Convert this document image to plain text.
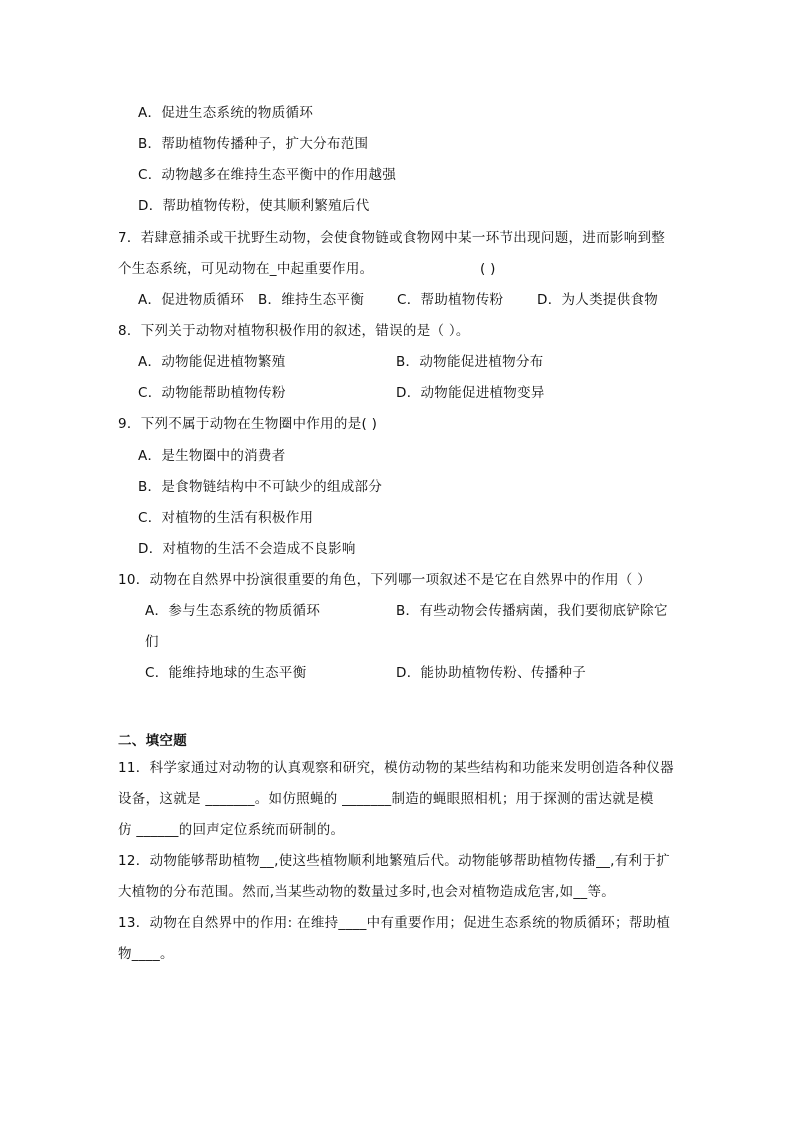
A．促进生态系统的物质循环
B．帮助植物传播种子，扩大分布范围
C．动物越多在维持生态平衡中的作用越强
D．帮助植物传粉，使其顺利繁殖后代
7．若肆意捕杀或干扰野生动物，会使食物链或食物网中某一环节出现问题，进而影响到整
个生态系统，可见动物在_中起重要作用。	( )
A．促进物质循环 B．维持生态平衡 C．帮助植物传粉 D．为人类提供食物
8．下列关于动物对植物积极作用的叙述，错误的是（ ）。
A．动物能促进植物繁殖	B．动物能促进植物分布
C．动物能帮助植物传粉	D．动物能促进植物变异
9．下列不属于动物在生物圈中作用的是( )
A．是生物圈中的消费者
B．是食物链结构中不可缺少的组成部分
C．对植物的生活有积极作用
D．对植物的生活不会造成不良影响
10．动物在自然界中扮演很重要的角色，下列哪一项叙述不是它在自然界中的作用（ ）
A．参与生态系统的物质循环	B．有些动物会传播病菌，我们要彻底铲除它
们
C．能维持地球的生态平衡	D．能协助植物传粉、传播种子
二、填空题
11．科学家通过对动物的认真观察和研究，模仿动物的某些结构和功能来发明创造各种仪器
设备，这就是 _______。如仿照蝇的 _______制造的蝇眼照相机；用于探测的雷达就是模
仿 ______的回声定位系统而研制的。
12．动物能够帮助植物__,使这些植物顺利地繁殖后代。动物能够帮助植物传播__,有利于扩
大植物的分布范围。然而,当某些动物的数量过多时,也会对植物造成危害,如__等。
13．动物在自然界中的作用: 在维持____中有重要作用；促进生态系统的物质循环；帮助植
物____。
